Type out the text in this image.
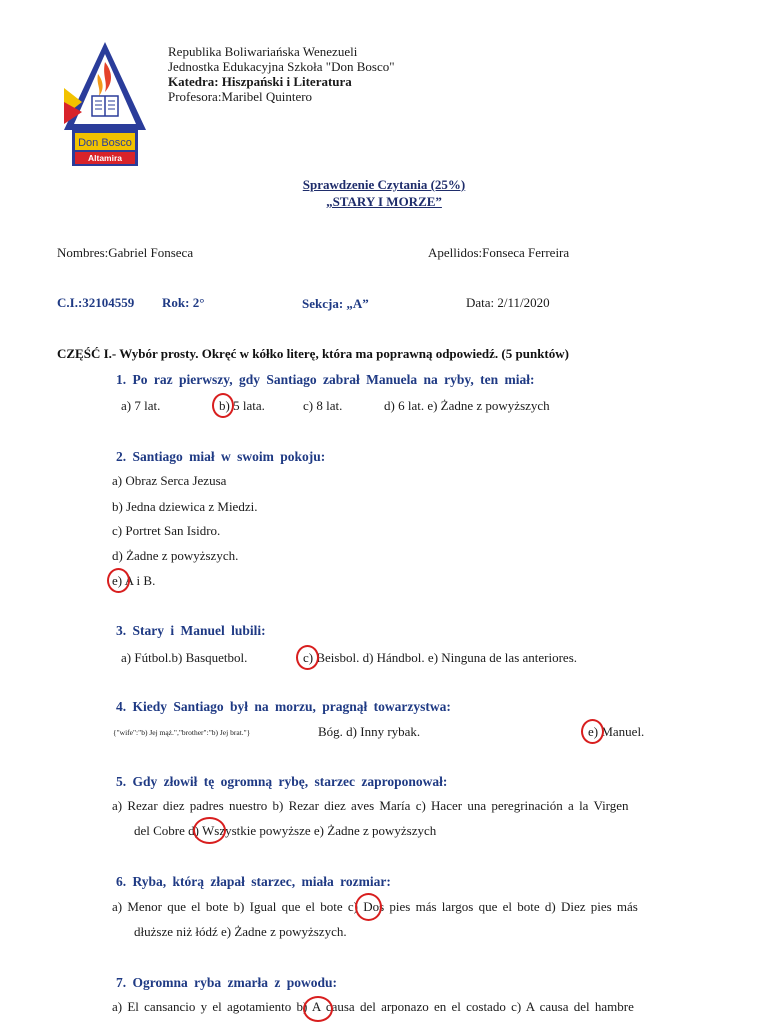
Don Bosco
Altamira
Republika Boliwariańska Wenezueli
Jednostka Edukacyjna Szkoła "Don Bosco"
Katedra: Hiszpański i Literatura
Profesora:Maribel Quintero
Sprawdzenie Czytania (25%)
„STARY I MORZE”
Nombres:Gabriel Fonseca	Apellidos:Fonseca Ferreira
C.I.:32104559 Rok: 2°	Sekcja: „A”	Data: 2/11/2020
CZĘŚĆ I.- Wybór prosty. Okręć w kółko literę, która ma poprawną odpowiedź. (5 punktów)
1. Po raz pierwszy, gdy Santiago zabrał Manuela na ryby, ten miał:
a) 7 lat.	b) 5 lata.	c) 8 lat.	d) 6 lat. e) Żadne z powyższych
2. Santiago miał w swoim pokoju:
a) Obraz Serca Jezusa
b) Jedna dziewica z Miedzi.
c) Portret San Isidro.
d) Żadne z powyższych.
e) A i B.
3. Stary i Manuel lubili:
a) Fútbol.b) Basquetbol.	c) Beisbol. d) Hándbol. e) Ninguna de las anteriores.
4. Kiedy Santiago był na morzu, pragnął towarzystwa:
{"wife":"b) Jej mąż.","brother":"b) Jej brat."}	Bóg. d) Inny rybak.	e) Manuel.
5. Gdy złowił tę ogromną rybę, starzec zaproponował:
a) Rezar diez padres nuestro b) Rezar diez aves María c) Hacer una peregrinación a la Virgen
del Cobre d) Wszystkie powyższe e) Żadne z powyższych
6. Ryba, którą złapał starzec, miała rozmiar:
a) Menor que el bote b) Igual que el bote c) Dos pies más largos que el bote d) Diez pies más
dłuższe niż łódź e) Żadne z powyższych.
7. Ogromna ryba zmarła z powodu:
a) El cansancio y el agotamiento b) A causa del arponazo en el costado c) A causa del hambre
